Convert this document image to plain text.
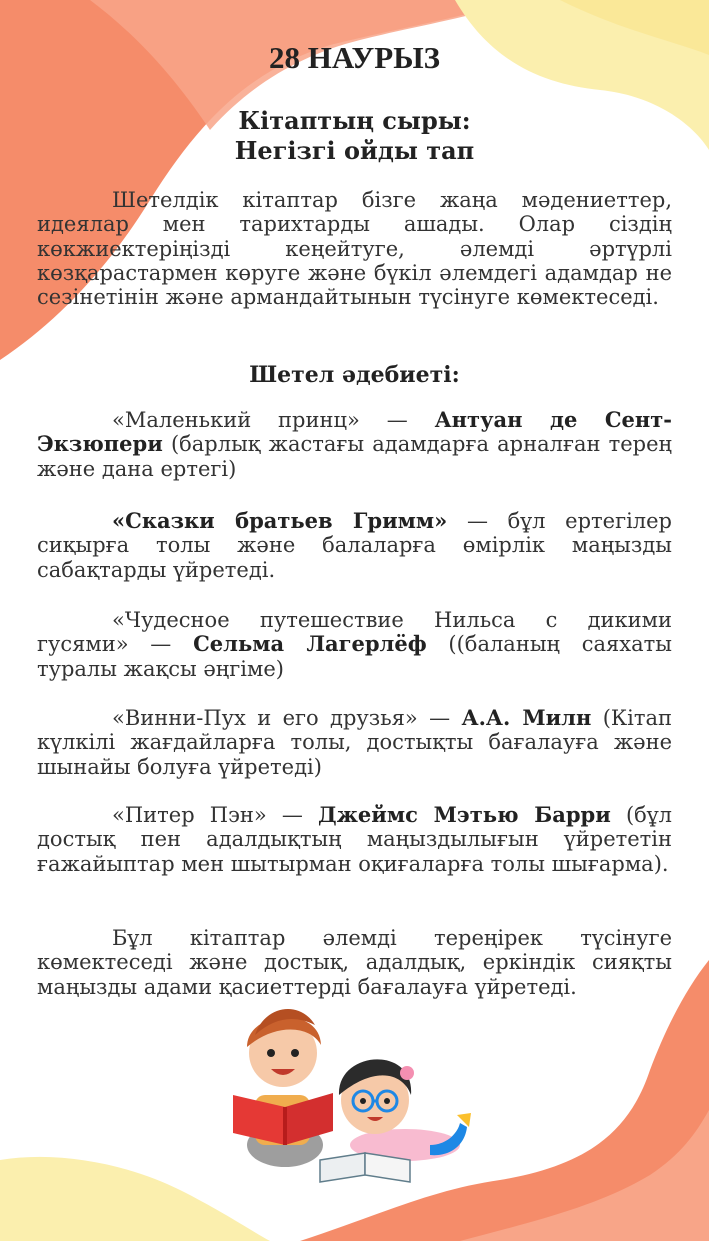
28 НАУРЫЗ
Кітаптың сыры:
Негізгі ойды тап

Шетелдік кітаптар бізге жаңа мәдениеттер, идеялар мен тарихтарды ашады. Олар сіздің көкжиектеріңізді кеңейтуге, әлемді әртүрлі көзқарастармен көруге және бүкіл әлемдегі адамдар не сезінетінін және армандайтынын түсінуге көмектеседі.

Шетел әдебиеті:

«Маленький принц» — Антуан де Сент-Экзюпери (барлық жастағы адамдарға арналған терең және дана ертегі)

«Сказки братьев Гримм» — бұл ертегілер сиқырға толы және балаларға өмірлік маңызды сабақтарды үйретеді.

«Чудесное путешествие Нильса с дикими гусями» — Сельма Лагерлёф ((баланың саяхаты туралы жақсы әңгіме)

«Винни-Пух и его друзья» — А.А. Милн (Кітап күлкілі жағдайларға толы, достықты бағалауға және шынайы болуға үйретеді)

«Питер Пэн» — Джеймс Мэтью Барри (бұл достық пен адалдықтың маңыздылығын үйрететін ғажайыптар мен шытырман оқиғаларға толы шығарма).

Бұл кітаптар әлемді тереңірек түсінуге көмектеседі және достық, адалдық, еркіндік сияқты маңызды адами қасиеттерді бағалауға үйретеді.
